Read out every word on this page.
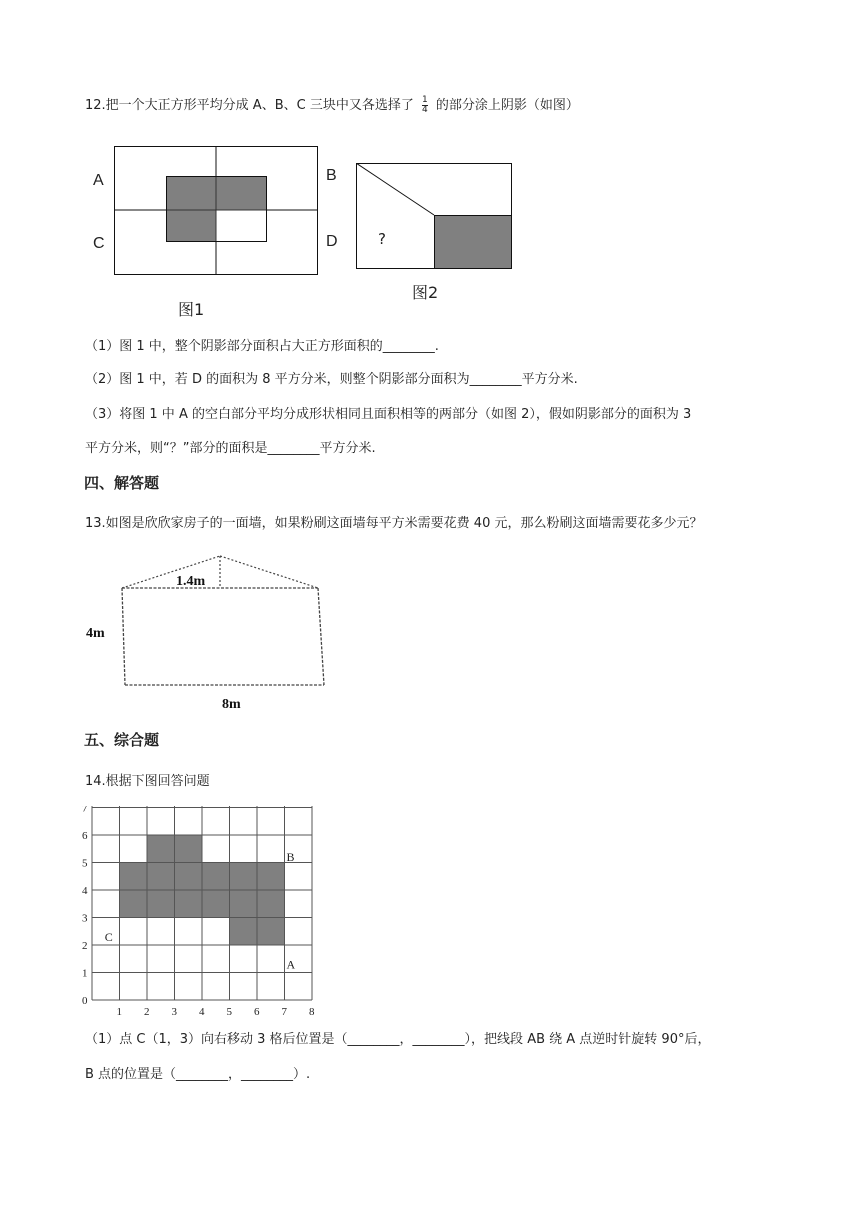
12.把一个大正方形平均分成 A、B、C 三块中又各选择了 $\frac{1}{4}$ 的部分涂上阴影（如图）
A	B
C	D
图1
?
图2
（1）图 1 中，整个阴影部分面积占大正方形面积的________.
（2）图 1 中，若 D 的面积为 8 平方分米，则整个阴影部分面积为________平方分米.
（3）将图 1 中 A 的空白部分平均分成形状相同且面积相等的两部分（如图 2），假如阴影部分的面积为 3
平方分米，则“？”部分的面积是________平方分米.
四、解答题
13.如图是欣欣家房子的一面墙，如果粉刷这面墙每平方米需要花费 40 元，那么粉刷这面墙需要花多少元？
1.4m
4m
8m
五、综合题
14.根据下图回答问题
0
1 2 3 4 5 6 7 8
1
2
3
4
5
6
7
A
B
C
（1）点 C（1，3）向右移动 3 格后位置是（________，________），把线段 AB 绕 A 点逆时针旋转 90°后，
B 点的位置是（________，________）.
